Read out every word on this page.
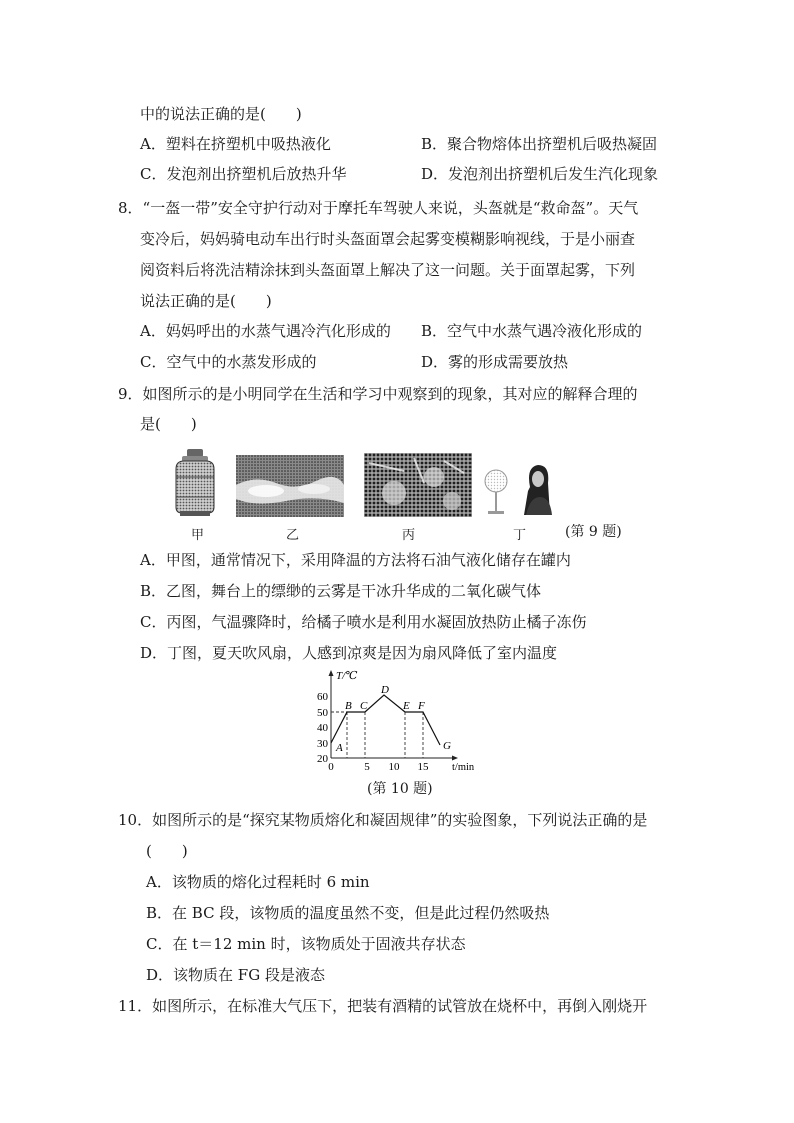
中的说法正确的是(　　)
A．塑料在挤塑机中吸热液化	B．聚合物熔体出挤塑机后吸热凝固
C．发泡剂出挤塑机后放热升华	D．发泡剂出挤塑机后发生汽化现象
8．“一盔一带”安全守护行动对于摩托车驾驶人来说，头盔就是“救命盔”。天气
变冷后，妈妈骑电动车出行时头盔面罩会起雾变模糊影响视线，于是小丽查
阅资料后将洗洁精涂抹到头盔面罩上解决了这一问题。关于面罩起雾，下列
说法正确的是(　　)
A．妈妈呼出的水蒸气遇冷汽化形成的 B．空气中水蒸气遇冷液化形成的
C．空气中的水蒸发形成的	D．雾的形成需要放热
9．如图所示的是小明同学在生活和学习中观察到的现象，其对应的解释合理的
是(　　)
甲	乙	丙	丁	(第 9 题)
A．甲图，通常情况下，采用降温的方法将石油气液化储存在罐内
B．乙图，舞台上的缥缈的云雾是干冰升华成的二氧化碳气体
C．丙图，气温骤降时，给橘子喷水是利用水凝固放热防止橘子冻伤
D．丁图，夏天吹风扇，人感到凉爽是因为扇风降低了室内温度
T/℃
t/min
60
50
40
30
20
0	5 10 15
A
B C
D
E F
G
(第 10 题)
10．如图所示的是“探究某物质熔化和凝固规律”的实验图象，下列说法正确的是
(　　)
A．该物质的熔化过程耗时 6 min
B．在 BC 段，该物质的温度虽然不变，但是此过程仍然吸热
C．在 t＝12 min 时，该物质处于固液共存状态
D．该物质在 FG 段是液态
11．如图所示，在标准大气压下，把装有酒精的试管放在烧杯中，再倒入刚烧开
